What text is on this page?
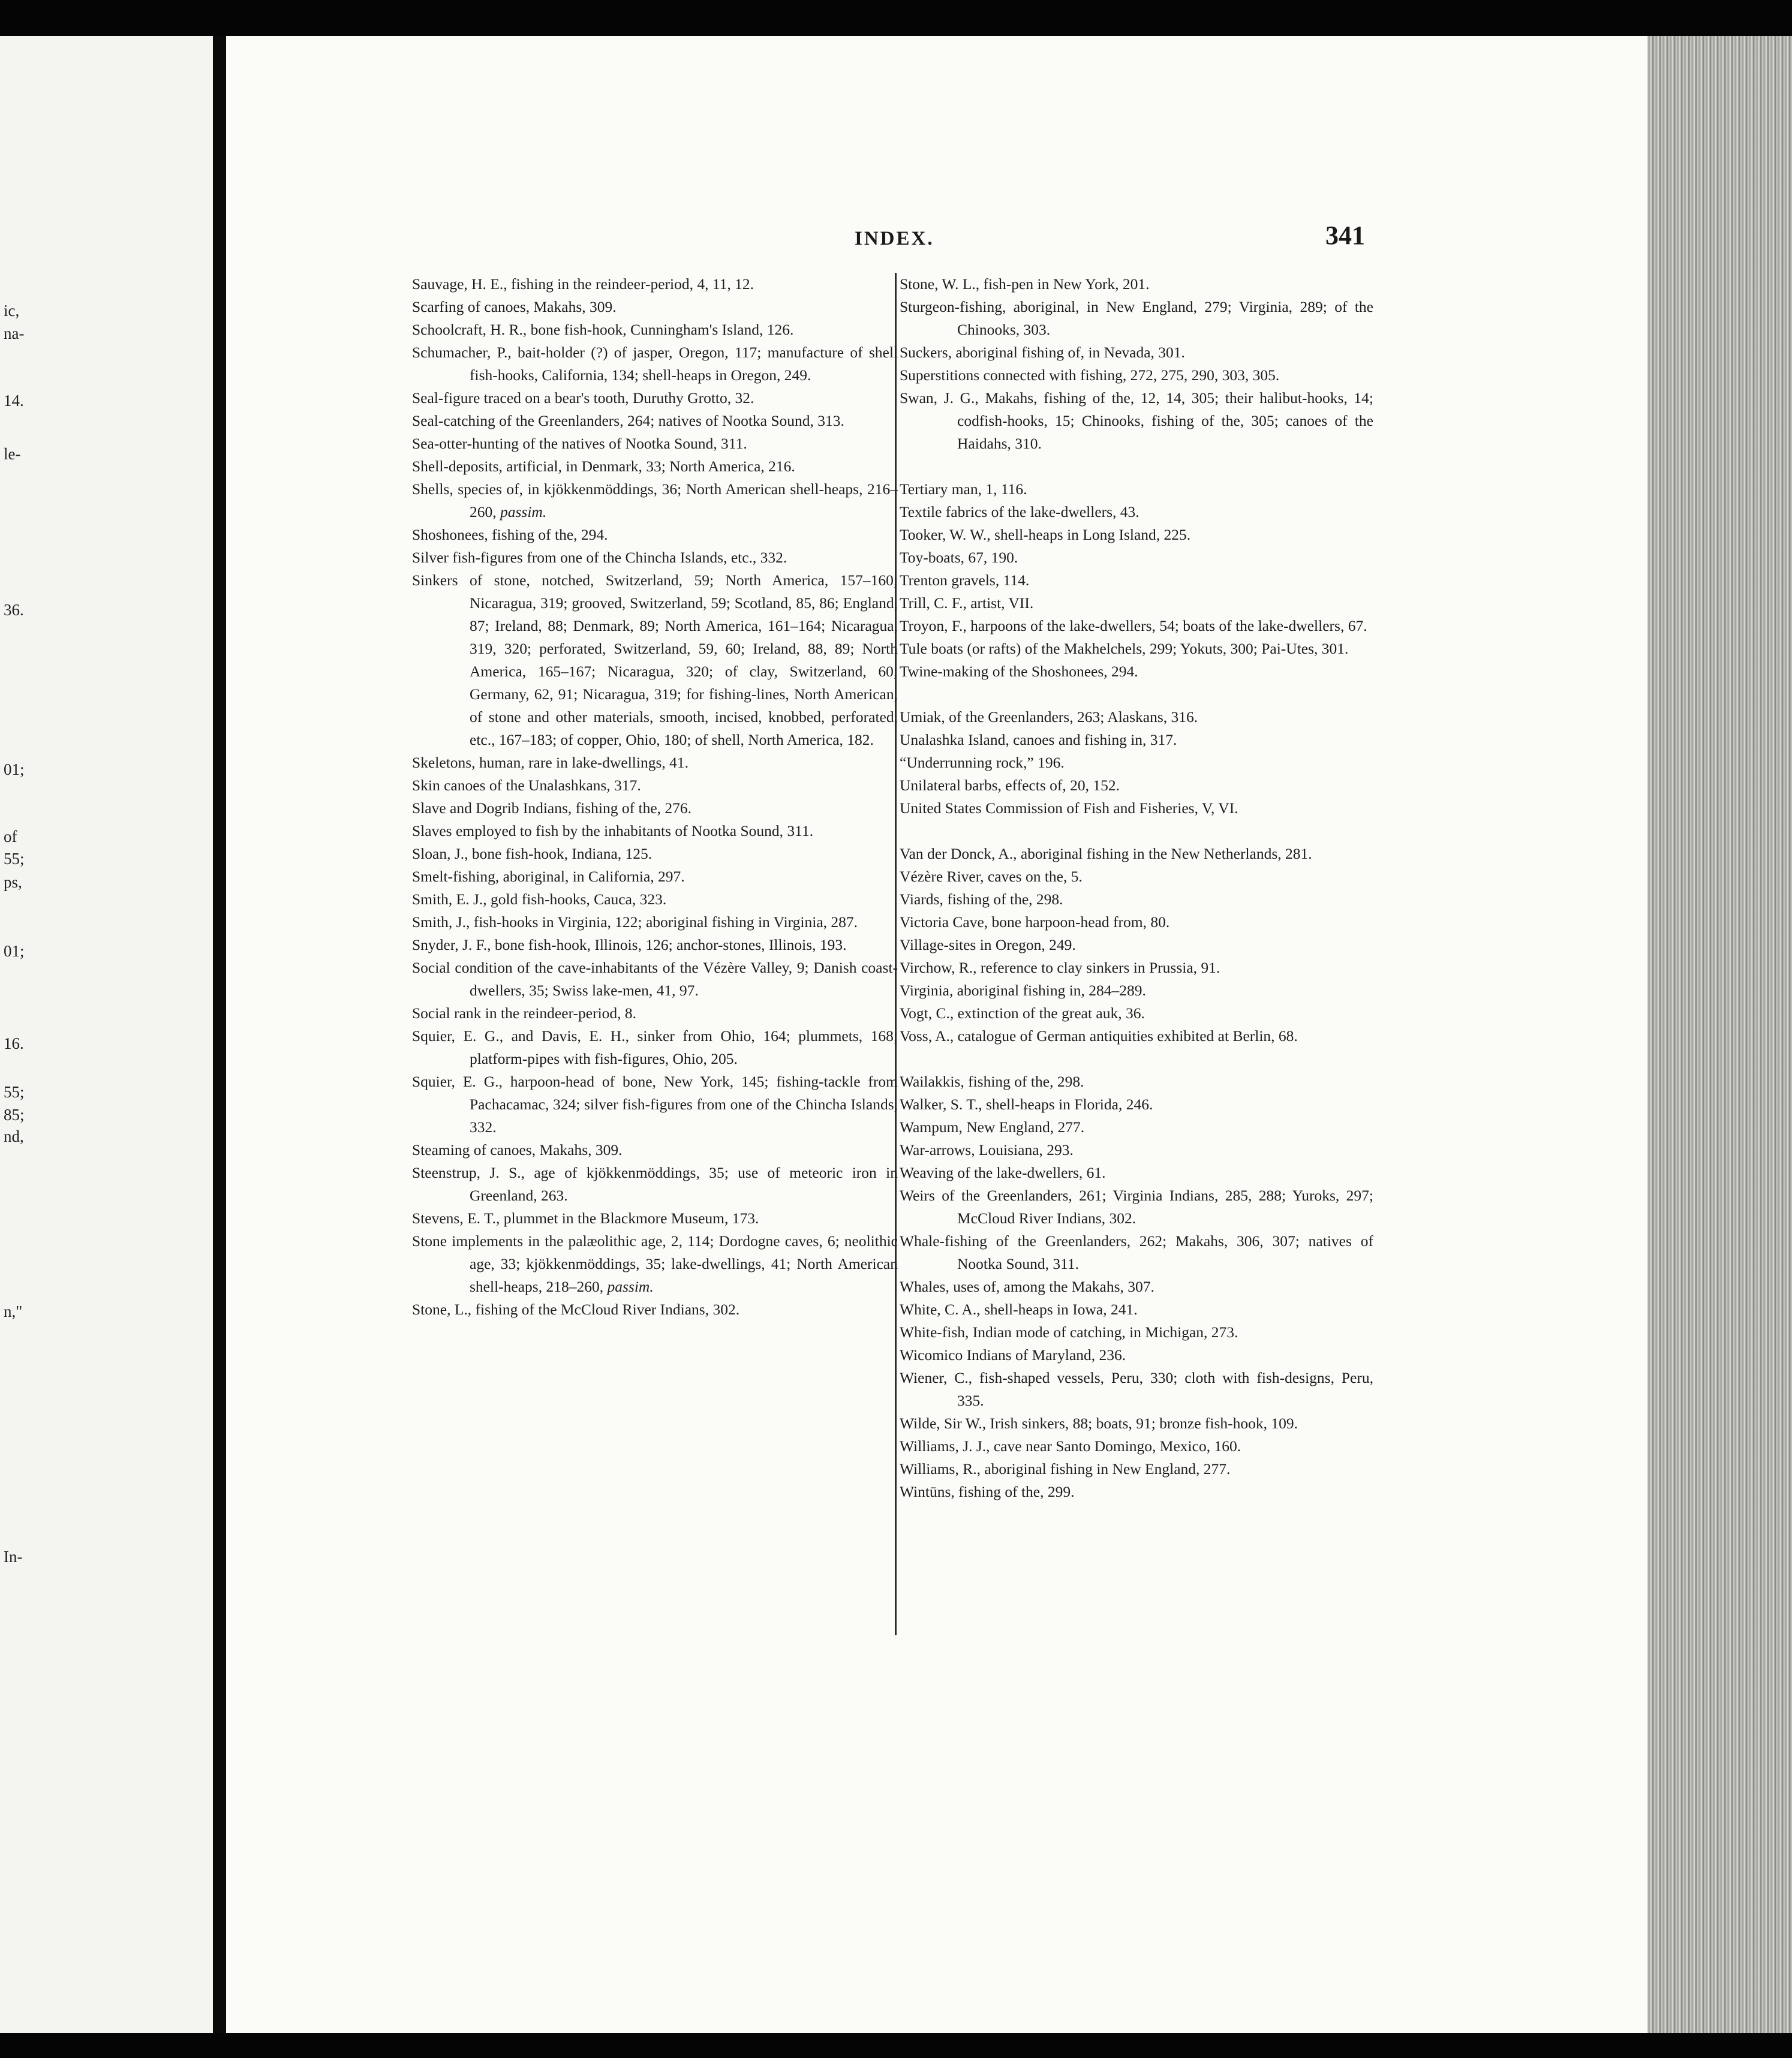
ic,
na-
14.
le-
36.
01;
of
55;
ps,
01;
16.
55;
85;
nd,
n,"
In-
INDEX.	341
Sauvage, H. E., fishing in the reindeer-period, 4, 11, 12.
Scarfing of canoes, Makahs, 309.
Schoolcraft, H. R., bone fish-hook, Cunningham's Island, 126.
Schumacher, P., bait-holder (?) of jasper, Oregon, 117; manufacture of shell fish-hooks, California, 134; shell-heaps in Oregon, 249.
Seal-figure traced on a bear's tooth, Duruthy Grotto, 32.
Seal-catching of the Greenlanders, 264; natives of Nootka Sound, 313.
Sea-otter-hunting of the natives of Nootka Sound, 311.
Shell-deposits, artificial, in Denmark, 33; North America, 216.
Shells, species of, in kjökkenmöddings, 36; North American shell-heaps, 216–260, passim.
Shoshonees, fishing of the, 294.
Silver fish-figures from one of the Chincha Islands, etc., 332.
Sinkers of stone, notched, Switzerland, 59; North America, 157–160; Nicaragua, 319; grooved, Switzerland, 59; Scotland, 85, 86; England, 87; Ireland, 88; Denmark, 89; North America, 161–164; Nicaragua, 319, 320; perforated, Switzerland, 59, 60; Ireland, 88, 89; North America, 165–167; Nicaragua, 320; of clay, Switzerland, 60; Germany, 62, 91; Nicaragua, 319; for fishing-lines, North American, of stone and other materials, smooth, incised, knobbed, perforated, etc., 167–183; of copper, Ohio, 180; of shell, North America, 182.
Skeletons, human, rare in lake-dwellings, 41.
Skin canoes of the Unalashkans, 317.
Slave and Dogrib Indians, fishing of the, 276.
Slaves employed to fish by the inhabitants of Nootka Sound, 311.
Sloan, J., bone fish-hook, Indiana, 125.
Smelt-fishing, aboriginal, in California, 297.
Smith, E. J., gold fish-hooks, Cauca, 323.
Smith, J., fish-hooks in Virginia, 122; aboriginal fishing in Virginia, 287.
Snyder, J. F., bone fish-hook, Illinois, 126; anchor-stones, Illinois, 193.
Social condition of the cave-inhabitants of the Vézère Valley, 9; Danish coast-dwellers, 35; Swiss lake-men, 41, 97.
Social rank in the reindeer-period, 8.
Squier, E. G., and Davis, E. H., sinker from Ohio, 164; plummets, 168; platform-pipes with fish-figures, Ohio, 205.
Squier, E. G., harpoon-head of bone, New York, 145; fishing-tackle from Pachacamac, 324; silver fish-figures from one of the Chincha Islands, 332.
Steaming of canoes, Makahs, 309.
Steenstrup, J. S., age of kjökkenmöddings, 35; use of meteoric iron in Greenland, 263.
Stevens, E. T., plummet in the Blackmore Museum, 173.
Stone implements in the palæolithic age, 2, 114; Dordogne caves, 6; neolithic age, 33; kjökkenmöddings, 35; lake-dwellings, 41; North American shell-heaps, 218–260, passim.
Stone, L., fishing of the McCloud River Indians, 302.
Stone, W. L., fish-pen in New York, 201.
Sturgeon-fishing, aboriginal, in New England, 279; Virginia, 289; of the Chinooks, 303.
Suckers, aboriginal fishing of, in Nevada, 301.
Superstitions connected with fishing, 272, 275, 290, 303, 305.
Swan, J. G., Makahs, fishing of the, 12, 14, 305; their halibut-hooks, 14; codfish-hooks, 15; Chinooks, fishing of the, 305; canoes of the Haidahs, 310.
Tertiary man, 1, 116.
Textile fabrics of the lake-dwellers, 43.
Tooker, W. W., shell-heaps in Long Island, 225.
Toy-boats, 67, 190.
Trenton gravels, 114.
Trill, C. F., artist, VII.
Troyon, F., harpoons of the lake-dwellers, 54; boats of the lake-dwellers, 67.
Tule boats (or rafts) of the Makhelchels, 299; Yokuts, 300; Pai-Utes, 301.
Twine-making of the Shoshonees, 294.
Umiak, of the Greenlanders, 263; Alaskans, 316.
Unalashka Island, canoes and fishing in, 317.
“Underrunning rock,” 196.
Unilateral barbs, effects of, 20, 152.
United States Commission of Fish and Fisheries, V, VI.
Van der Donck, A., aboriginal fishing in the New Netherlands, 281.
Vézère River, caves on the, 5.
Viards, fishing of the, 298.
Victoria Cave, bone harpoon-head from, 80.
Village-sites in Oregon, 249.
Virchow, R., reference to clay sinkers in Prussia, 91.
Virginia, aboriginal fishing in, 284–289.
Vogt, C., extinction of the great auk, 36.
Voss, A., catalogue of German antiquities exhibited at Berlin, 68.
Wailakkis, fishing of the, 298.
Walker, S. T., shell-heaps in Florida, 246.
Wampum, New England, 277.
War-arrows, Louisiana, 293.
Weaving of the lake-dwellers, 61.
Weirs of the Greenlanders, 261; Virginia Indians, 285, 288; Yuroks, 297; McCloud River Indians, 302.
Whale-fishing of the Greenlanders, 262; Makahs, 306, 307; natives of Nootka Sound, 311.
Whales, uses of, among the Makahs, 307.
White, C. A., shell-heaps in Iowa, 241.
White-fish, Indian mode of catching, in Michigan, 273.
Wicomico Indians of Maryland, 236.
Wiener, C., fish-shaped vessels, Peru, 330; cloth with fish-designs, Peru, 335.
Wilde, Sir W., Irish sinkers, 88; boats, 91; bronze fish-hook, 109.
Williams, J. J., cave near Santo Domingo, Mexico, 160.
Williams, R., aboriginal fishing in New England, 277.
Wintūns, fishing of the, 299.
